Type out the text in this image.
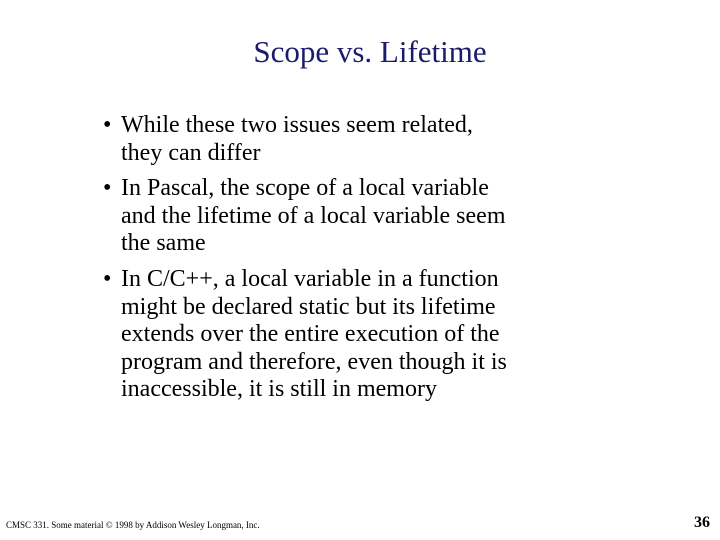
Scope vs. Lifetime
• While these two issues seem related,
they can differ
• In Pascal, the scope of a local variable
and the lifetime of a local variable seem
the same
• In C/C++, a local variable in a function
might be declared static but its lifetime
extends over the entire execution of the
program and therefore, even though it is
inaccessible, it is still in memory
CMSC 331. Some material © 1998 by Addison Wesley Longman, Inc.	36
